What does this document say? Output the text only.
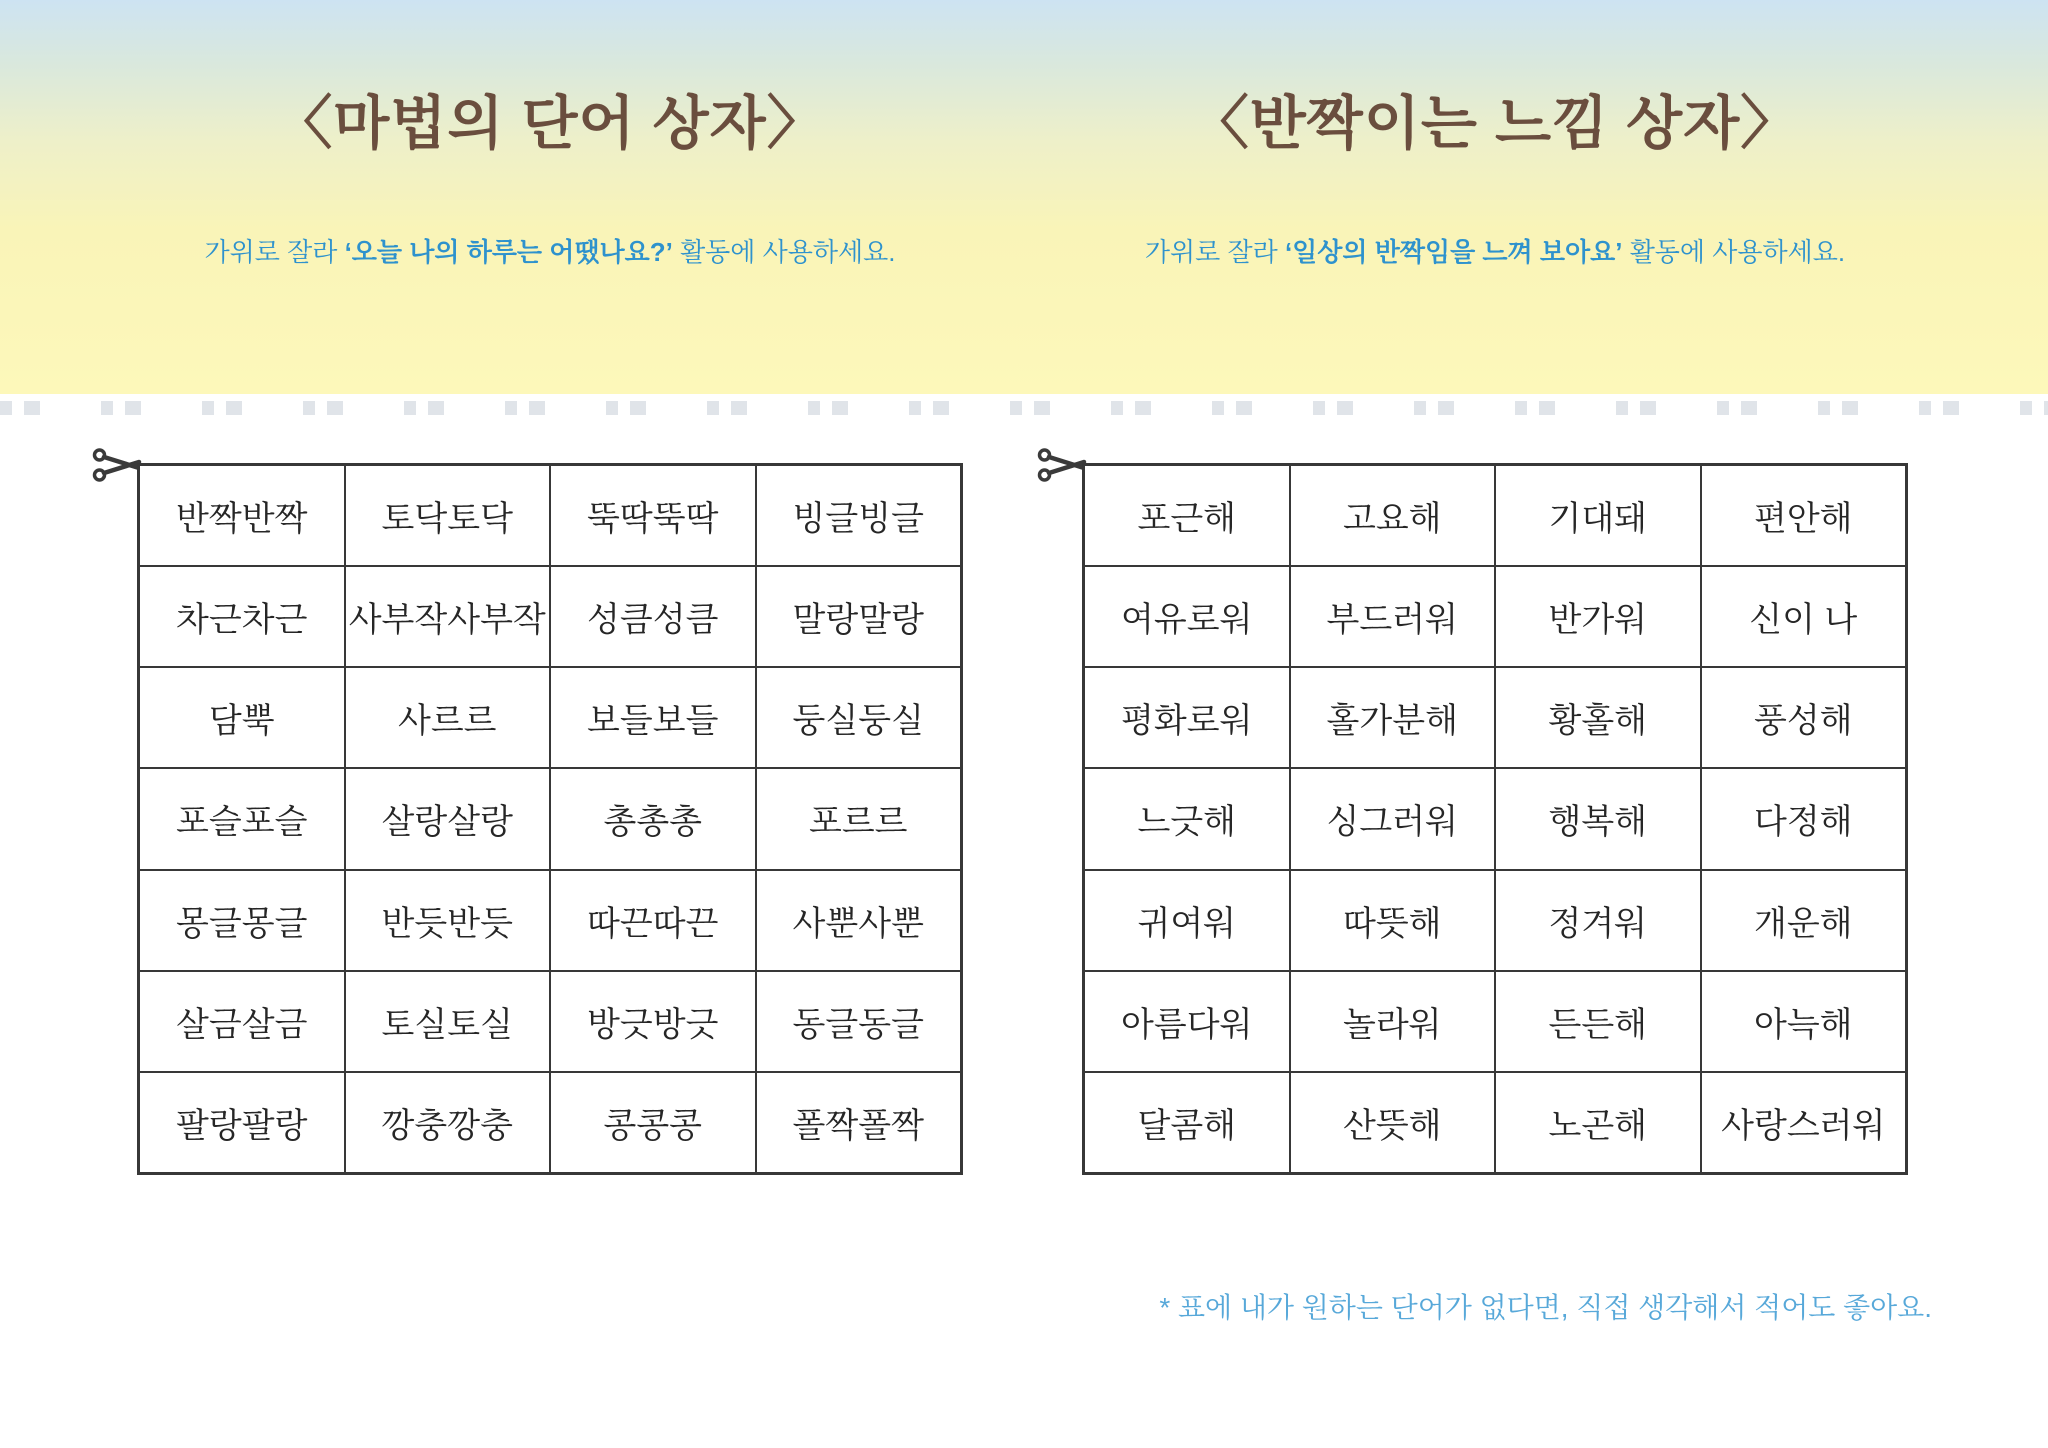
〈마법의 단어 상자〉	〈반짝이는 느낌 상자〉

가위로 잘라 ‘오늘 나의 하루는 어땠나요?’ 활동에 사용하세요.	가위로 잘라 ‘일상의 반짝임을 느껴 보아요’ 활동에 사용하세요.

반짝반짝	토닥토닥	뚝딱뚝딱	빙글빙글
차근차근	사부작사부작	성큼성큼	말랑말랑
담뿍	사르르	보들보들	둥실둥실
포슬포슬	살랑살랑	총총총	포르르
몽글몽글	반듯반듯	따끈따끈	사뿐사뿐
살금살금	토실토실	방긋방긋	동글동글
팔랑팔랑	깡충깡충	콩콩콩	폴짝폴짝
포근해	고요해	기대돼	편안해
여유로워	부드러워	반가워	신이 나
평화로워	홀가분해	황홀해	풍성해
느긋해	싱그러워	행복해	다정해
귀여워	따뜻해	정겨워	개운해
아름다워	놀라워	든든해	아늑해
달콤해	산뜻해	노곤해	사랑스러워

* 표에 내가 원하는 단어가 없다면, 직접 생각해서 적어도 좋아요.
